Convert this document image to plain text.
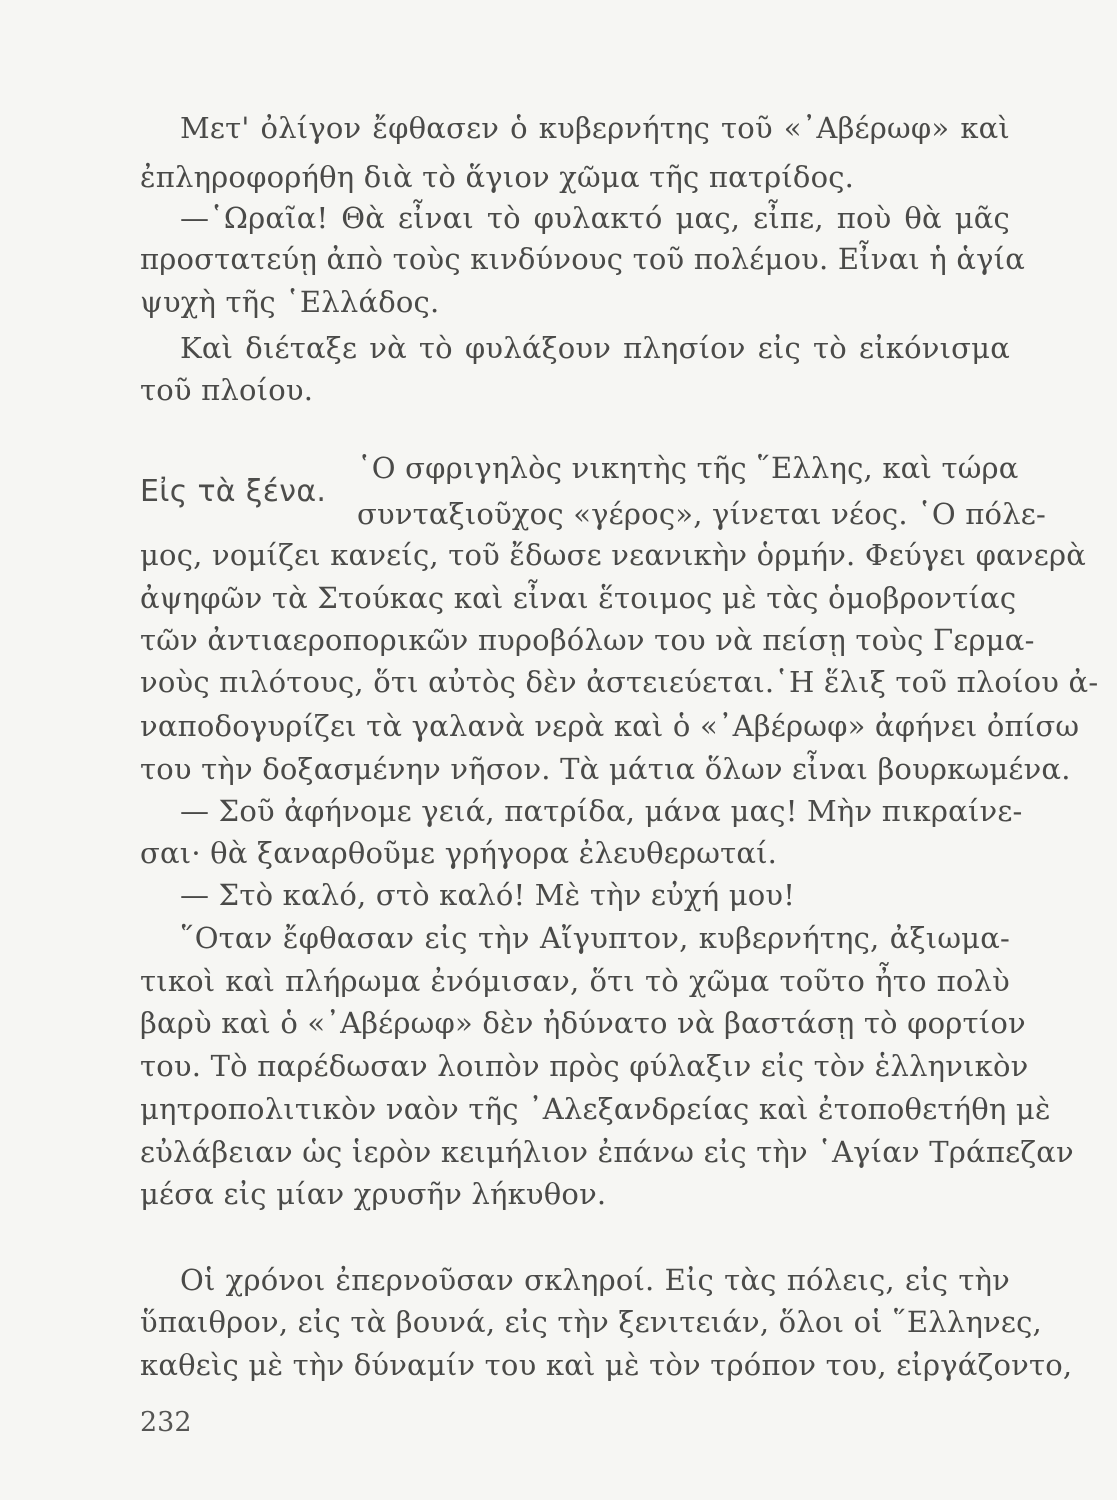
Μετ' ὀλίγον ἔφθασεν ὁ κυβερνήτης τοῦ «᾿Αβέρωφ» καὶ
ἐπληροφορήθη διὰ τὸ ἅγιον χῶμα τῆς πατρίδος.
—῾Ωραῖα! Θὰ εἶναι τὸ φυλακτό μας, εἶπε, ποὺ θὰ μᾶς
προστατεύῃ ἀπὸ τοὺς κινδύνους τοῦ πολέμου. Εἶναι ἡ ἁγία
ψυχὴ τῆς ῾Ελλάδος.
Καὶ διέταξε νὰ τὸ φυλάξουν πλησίον εἰς τὸ εἰκόνισμα
τοῦ πλοίου.
Εἰς τὰ ξένα.
῾Ο σφριγηλὸς νικητὴς τῆς ῞Ελλης, καὶ τώρα
συνταξιοῦχος «γέρος», γίνεται νέος. ῾Ο πόλε-
μος, νομίζει κανείς, τοῦ ἔδωσε νεανικὴν ὁρμήν. Φεύγει φανερὰ
ἀψηφῶν τὰ Στούκας καὶ εἶναι ἕτοιμος μὲ τὰς ὁμοβροντίας
τῶν ἀντιαεροπορικῶν πυροβόλων του νὰ πείσῃ τοὺς Γερμα-
νοὺς πιλότους, ὅτι αὐτὸς δὲν ἀστειεύεται.῾Η ἕλιξ τοῦ πλοίου ἀ-
ναποδογυρίζει τὰ γαλανὰ νερὰ καὶ ὁ «᾿Αβέρωφ» ἀφήνει ὀπίσω
του τὴν δοξασμένην νῆσον. Τὰ μάτια ὅλων εἶναι βουρκωμένα.
— Σοῦ ἀφήνομε γειά, πατρίδα, μάνα μας! Μὴν πικραίνε-
σαι· θὰ ξαναρθοῦμε γρήγορα ἐλευθερωταί.
— Στὸ καλό, στὸ καλό! Μὲ τὴν εὐχή μου!
῞Οταν ἔφθασαν εἰς τὴν Αἴγυπτον, κυβερνήτης, ἀξιωμα-
τικοὶ καὶ πλήρωμα ἐνόμισαν, ὅτι τὸ χῶμα τοῦτο ἦτο πολὺ
βαρὺ καὶ ὁ «᾿Αβέρωφ» δὲν ἠδύνατο νὰ βαστάσῃ τὸ φορτίον
του. Τὸ παρέδωσαν λοιπὸν πρὸς φύλαξιν εἰς τὸν ἑλληνικὸν
μητροπολιτικὸν ναὸν τῆς ᾿Αλεξανδρείας καὶ ἐτοποθετήθη μὲ
εὐλάβειαν ὡς ἱερὸν κειμήλιον ἐπάνω εἰς τὴν ῾Αγίαν Τράπεζαν
μέσα εἰς μίαν χρυσῆν λήκυθον.
Οἱ χρόνοι ἐπερνοῦσαν σκληροί. Εἰς τὰς πόλεις, εἰς τὴν
ὕπαιθρον, εἰς τὰ βουνά, εἰς τὴν ξενιτειάν, ὅλοι οἱ ῞Ελληνες,
καθεὶς μὲ τὴν δύναμίν του καὶ μὲ τὸν τρόπον του, εἰργάζοντο,
232
